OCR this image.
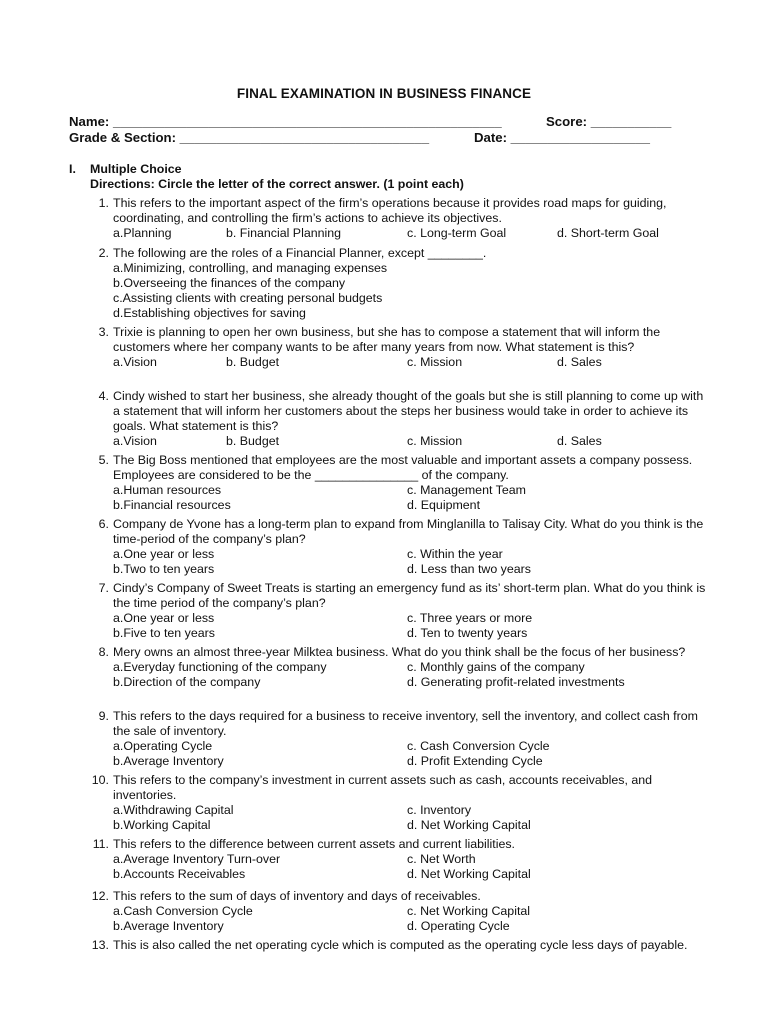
FINAL EXAMINATION IN BUSINESS FINANCE
Name: _____________________________________________________	Score: ___________
Grade & Section: __________________________________	Date: ___________________
I. Multiple Choice
Directions: Circle the letter of the correct answer. (1 point each)
1. This refers to the important aspect of the firm’s operations because it provides road maps for guiding, coordinating, and controlling the firm’s actions to achieve its objectives.
a.Planning	b. Financial Planning	c. Long-term Goal	d. Short-term Goal
2. The following are the roles of a Financial Planner, except ________.
a.Minimizing, controlling, and managing expenses
b.Overseeing the finances of the company
c.Assisting clients with creating personal budgets
d.Establishing objectives for saving
3. Trixie is planning to open her own business, but she has to compose a statement that will inform the customers where her company wants to be after many years from now. What statement is this?
a.Vision	b. Budget	c. Mission	d. Sales
4. Cindy wished to start her business, she already thought of the goals but she is still planning to come up with a statement that will inform her customers about the steps her business would take in order to achieve its goals. What statement is this?
a.Vision	b. Budget	c. Mission	d. Sales
5. The Big Boss mentioned that employees are the most valuable and important assets a company possess. Employees are considered to be the _______________ of the company.
a.Human resources	c. Management Team
b.Financial resources	d. Equipment
6. Company de Yvone has a long-term plan to expand from Minglanilla to Talisay City. What do you think is the time-period of the company’s plan?
a.One year or less	c. Within the year
b.Two to ten years	d. Less than two years
7. Cindy’s Company of Sweet Treats is starting an emergency fund as its’ short-term plan. What do you think is the time period of the company’s plan?
a.One year or less	c. Three years or more
b.Five to ten years	d. Ten to twenty years
8. Mery owns an almost three-year Milktea business. What do you think shall be the focus of her business?
a.Everyday functioning of the company	c. Monthly gains of the company
b.Direction of the company	d. Generating profit-related investments
9. This refers to the days required for a business to receive inventory, sell the inventory, and collect cash from the sale of inventory.
a.Operating Cycle	c. Cash Conversion Cycle
b.Average Inventory	d. Profit Extending Cycle
10. This refers to the company’s investment in current assets such as cash, accounts receivables, and inventories.
a.Withdrawing Capital	c. Inventory
b.Working Capital	d. Net Working Capital
11. This refers to the difference between current assets and current liabilities.
a.Average Inventory Turn-over	c. Net Worth
b.Accounts Receivables	d. Net Working Capital
12. This refers to the sum of days of inventory and days of receivables.
a.Cash Conversion Cycle	c. Net Working Capital
b.Average Inventory	d. Operating Cycle
13. This is also called the net operating cycle which is computed as the operating cycle less days of payable.
